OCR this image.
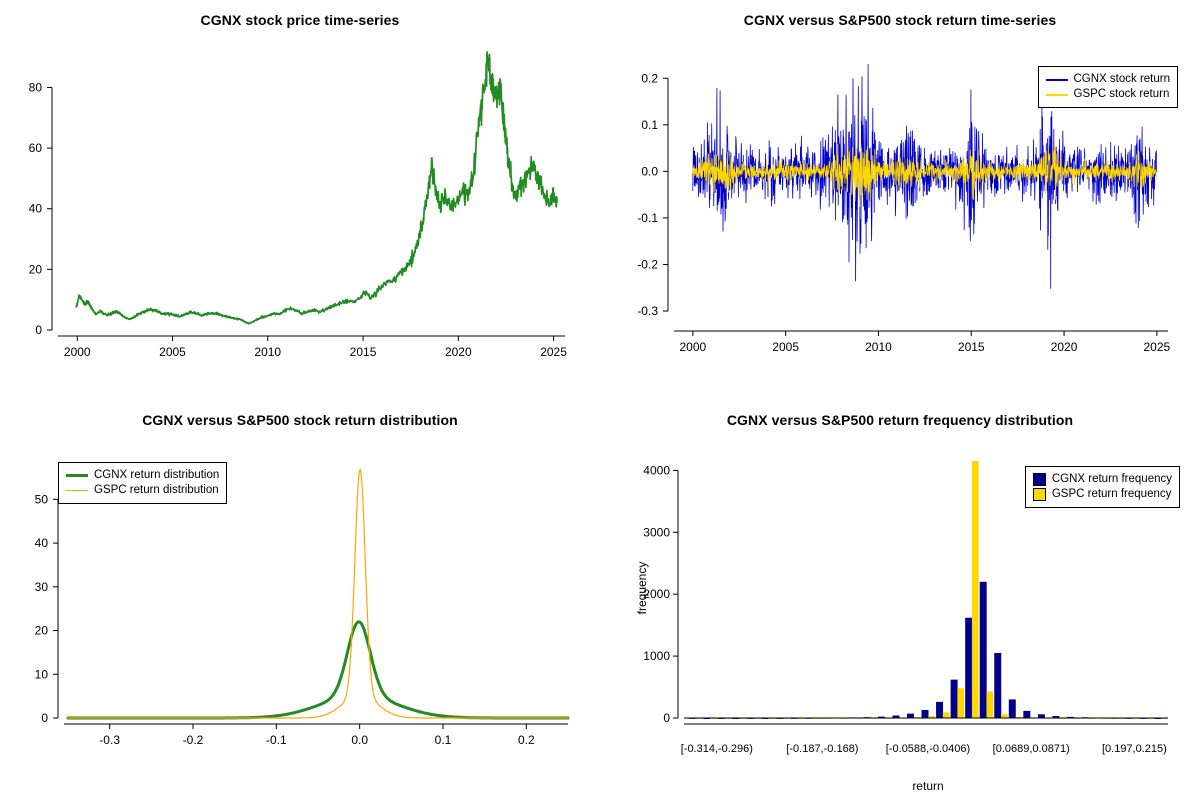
CGNX stock price time-series
2000	2005	2010	2015	2020	2025
0
20
40
60
80
CGNX versus S&P500 stock return time-series
2000	2005	2010	2015	2020	2025
-0.3
-0.2
-0.1
0.0
0.1
0.2	CGNX stock return
GSPC stock return
CGNX versus S&P500 stock return distribution
-0.3	-0.2	-0.1	0.0	0.1	0.2
0
10
20
30
40
50
CGNX return distribution
GSPC return distribution
CGNX versus S&P500 return frequency distribution
0
1000
2000
3000
4000
frequency
return
[-0.314,-0.296)	[-0.187,-0.168) [-0.0588,-0.0406) [0.0689,0.0871)	[0.197,0.215)
CGNX return frequency
GSPC return frequency
